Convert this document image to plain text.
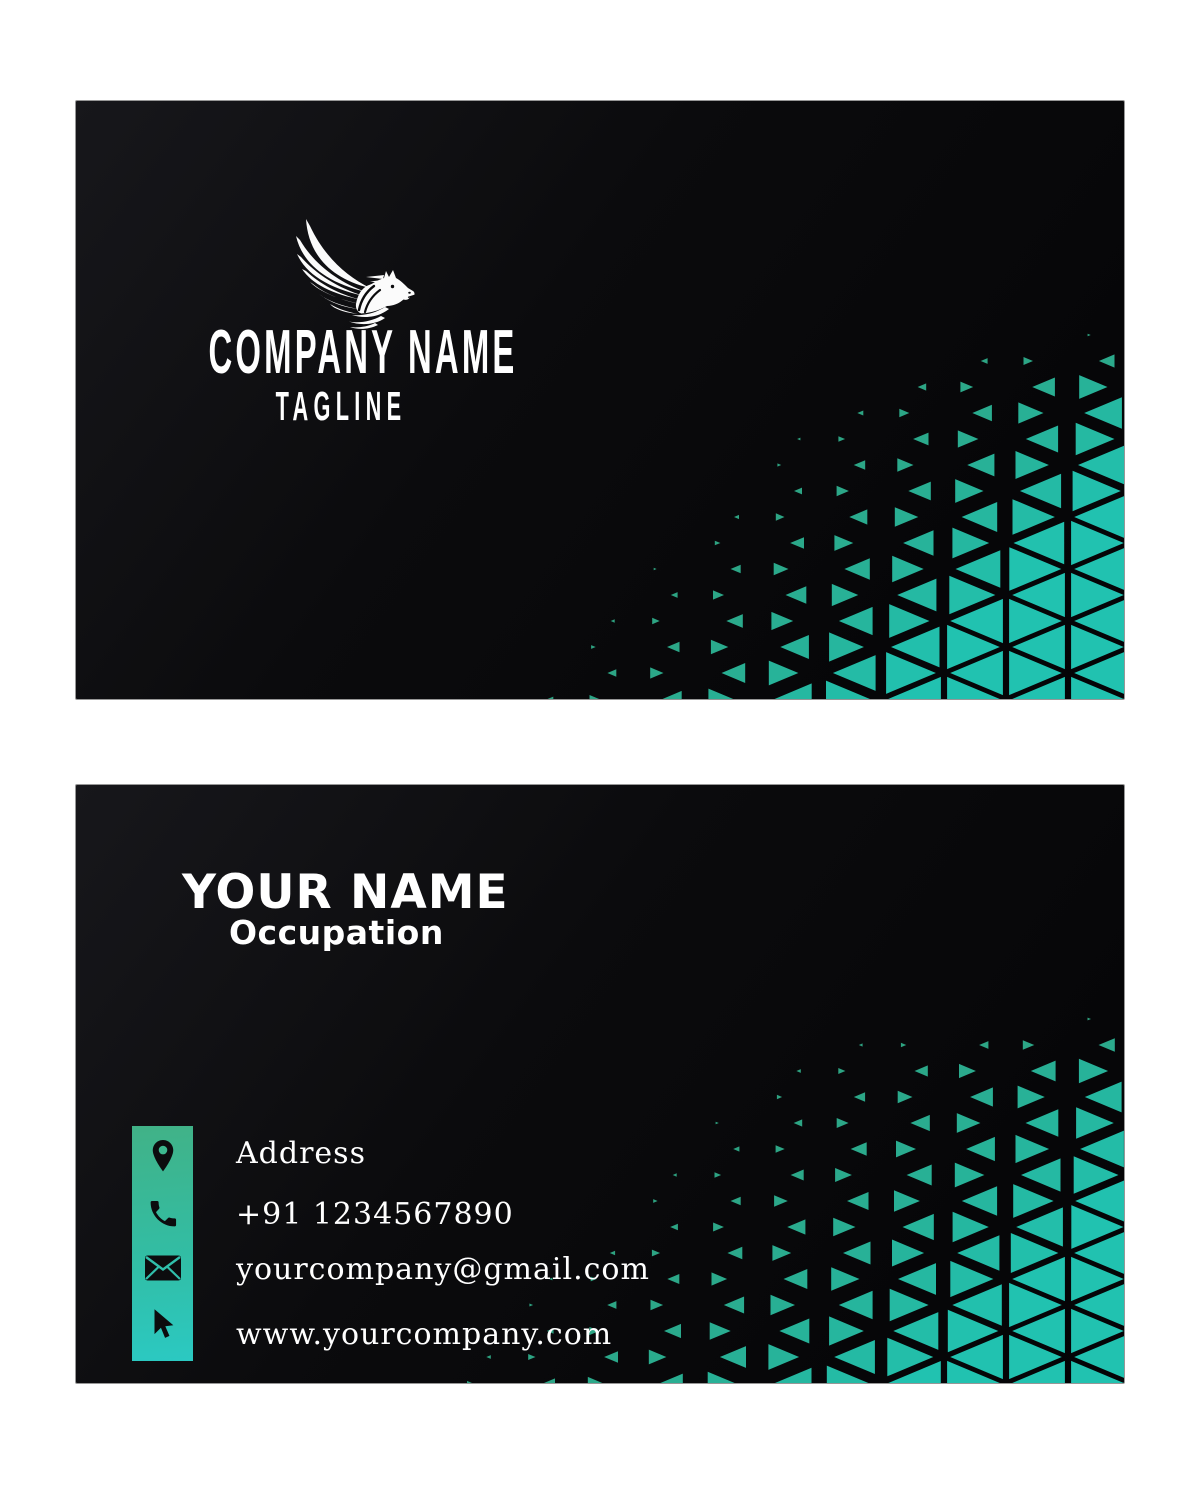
COMPANY NAME
TAGLINE
YOUR NAME
Occupation
Address
+91 1234567890
yourcompany@gmail.com
www.yourcompany.com
